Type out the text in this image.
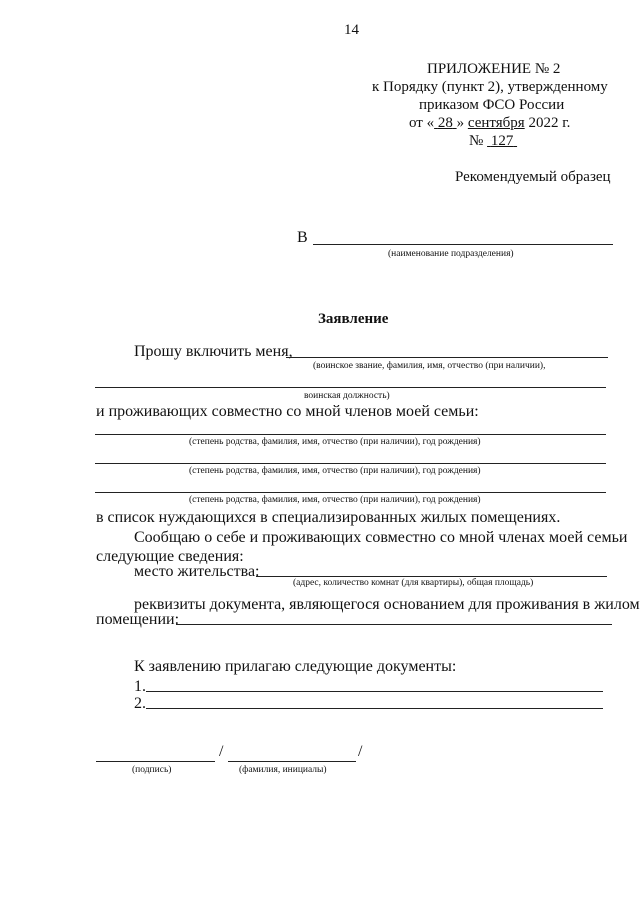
14
ПРИЛОЖЕНИЕ № 2
к Порядку (пункт 2), утвержденному
приказом ФСО России
от « 28 » сентября 2022 г.
№ 127
Рекомендуемый образец
В
(наименование подразделения)
Заявление
Прошу включить меня,
(воинское звание, фамилия, имя, отчество (при наличии),
воинская должность)
и проживающих совместно со мной членов моей семьи:
(степень родства, фамилия, имя, отчество (при наличии), год рождения)
(степень родства, фамилия, имя, отчество (при наличии), год рождения)
(степень родства, фамилия, имя, отчество (при наличии), год рождения)
в список нуждающихся в специализированных жилых помещениях.
Сообщаю о себе и проживающих совместно со мной членах моей семьи
следующие сведения:
место жительства:
(адрес, количество комнат (для квартиры), общая площадь)
реквизиты документа, являющегося основанием для проживания в жилом
помещении:
К заявлению прилагаю следующие документы:
1.
2.
/	/
(подпись)	(фамилия, инициалы)
